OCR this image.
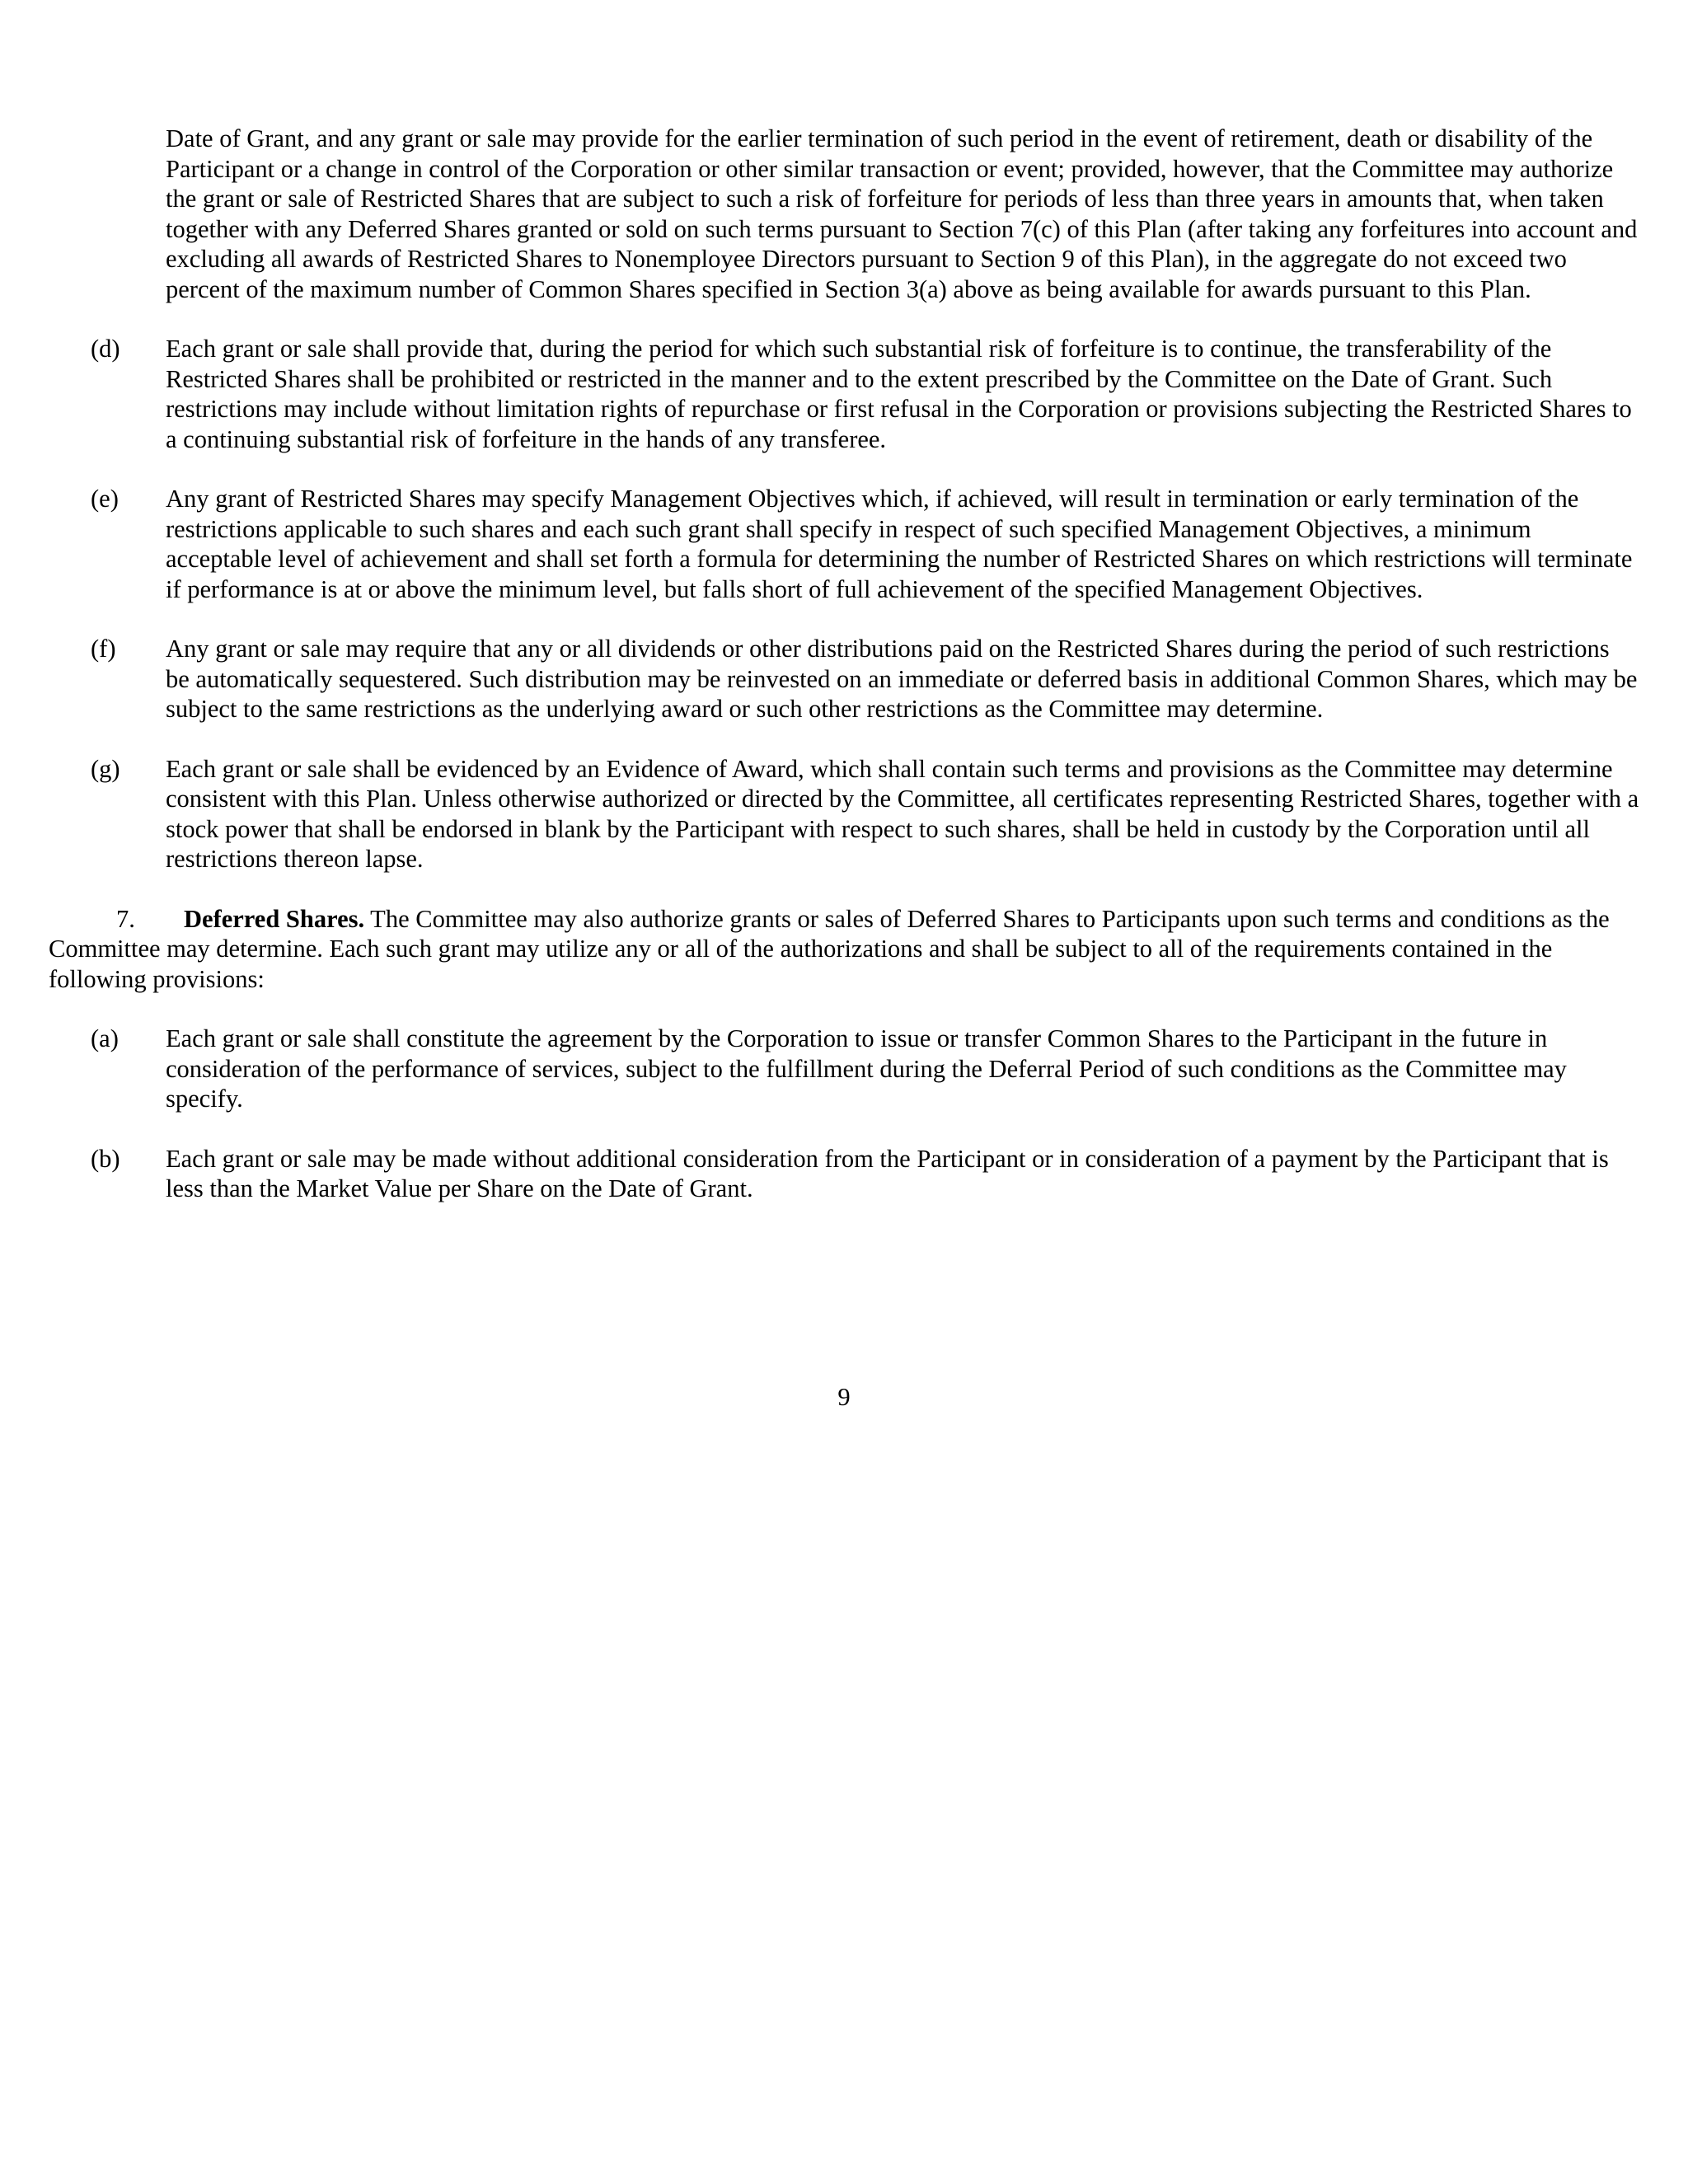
Date of Grant, and any grant or sale may provide for the earlier termination of such period in the event of retirement, death or disability of the Participant or a change in control of the Corporation or other similar transaction or event; provided, however, that the Committee may authorize the grant or sale of Restricted Shares that are subject to such a risk of forfeiture for periods of less than three years in amounts that, when taken together with any Deferred Shares granted or sold on such terms pursuant to Section 7(c) of this Plan (after taking any forfeitures into account and excluding all awards of Restricted Shares to Nonemployee Directors pursuant to Section 9 of this Plan), in the aggregate do not exceed two percent of the maximum number of Common Shares specified in Section 3(a) above as being available for awards pursuant to this Plan.

(d) Each grant or sale shall provide that, during the period for which such substantial risk of forfeiture is to continue, the transferability of the Restricted Shares shall be prohibited or restricted in the manner and to the extent prescribed by the Committee on the Date of Grant. Such restrictions may include without limitation rights of repurchase or first refusal in the Corporation or provisions subjecting the Restricted Shares to a continuing substantial risk of forfeiture in the hands of any transferee.
(e) Any grant of Restricted Shares may specify Management Objectives which, if achieved, will result in termination or early termination of the restrictions applicable to such shares and each such grant shall specify in respect of such specified Management Objectives, a minimum acceptable level of achievement and shall set forth a formula for determining the number of Restricted Shares on which restrictions will terminate if performance is at or above the minimum level, but falls short of full achievement of the specified Management Objectives.
(f) Any grant or sale may require that any or all dividends or other distributions paid on the Restricted Shares during the period of such restrictions be automatically sequestered. Such distribution may be reinvested on an immediate or deferred basis in additional Common Shares, which may be subject to the same restrictions as the underlying award or such other restrictions as the Committee may determine.
(g) Each grant or sale shall be evidenced by an Evidence of Award, which shall contain such terms and provisions as the Committee may determine consistent with this Plan. Unless otherwise authorized or directed by the Committee, all certificates representing Restricted Shares, together with a stock power that shall be endorsed in blank by the Participant with respect to such shares, shall be held in custody by the Corporation until all restrictions thereon lapse.

7. Deferred Shares. The Committee may also authorize grants or sales of Deferred Shares to Participants upon such terms and conditions as the Committee may determine. Each such grant may utilize any or all of the authorizations and shall be subject to all of the requirements contained in the following provisions:

(a) Each grant or sale shall constitute the agreement by the Corporation to issue or transfer Common Shares to the Participant in the future in consideration of the performance of services, subject to the fulfillment during the Deferral Period of such conditions as the Committee may specify.
(b) Each grant or sale may be made without additional consideration from the Participant or in consideration of a payment by the Participant that is less than the Market Value per Share on the Date of Grant.
9
